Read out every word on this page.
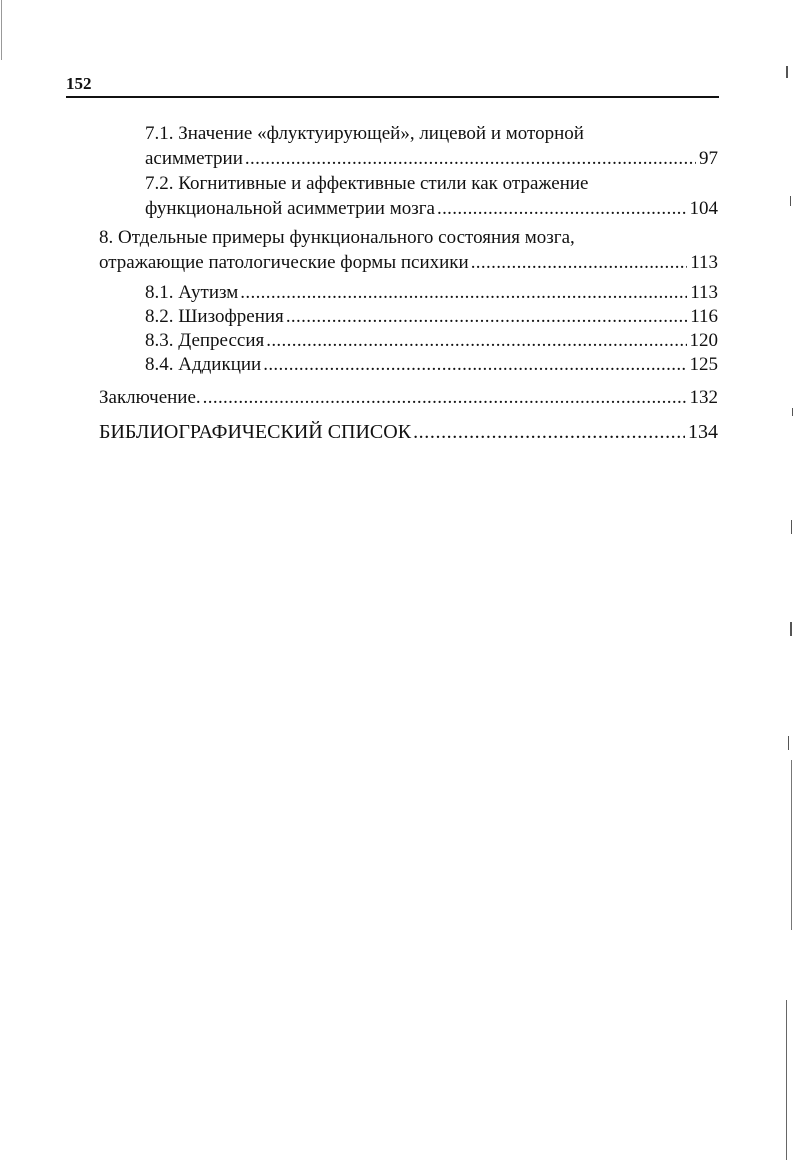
152
7.1. Значение «флуктуирующей», лицевой и моторной
асимметрии . . .	97
7.2. Когнитивные и аффективные стили как отражение
функциональной асимметрии мозга . . .	104
8. Отдельные примеры функционального состояния мозга,
отражающие патологические формы психики . . .	113
8.1. Аутизм . . .	113
8.2. Шизофрения . . .	116
8.3. Депрессия . . .	120
8.4. Аддикции . . .	125
Заключение. . . .	132
БИБЛИОГРАФИЧЕСКИЙ СПИСОК . . .	134
